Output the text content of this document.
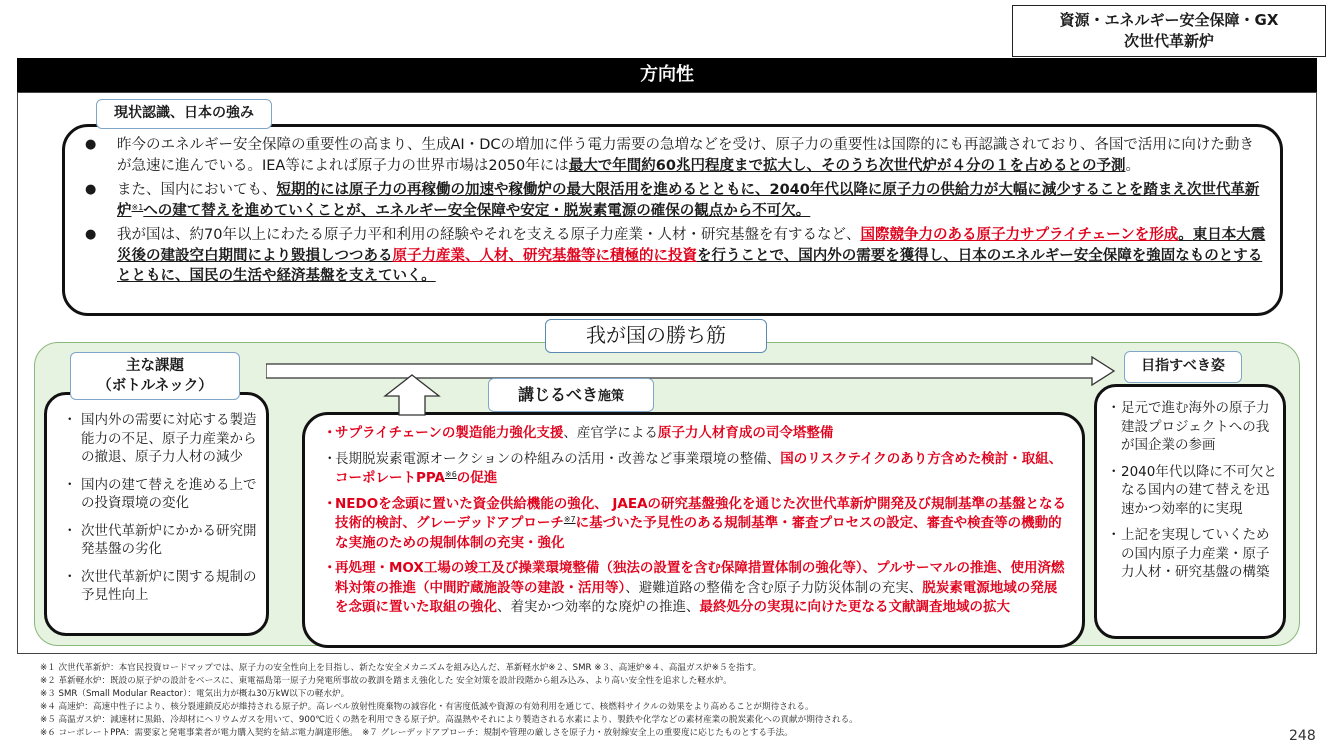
資源・エネルギー安全保障・GX
次世代革新炉
方向性
現状認識、日本の強み
● 昨今のエネルギー安全保障の重要性の高まり、生成AI・DCの増加に伴う電力需要の急増などを受け、原子力の重要性は国際的にも再認識されており、各国で活用に向けた動きが急速に進んでいる。IEA等によれば原子力の世界市場は2050年には最大で年間約60兆円程度まで拡大し、そのうち次世代炉が４分の１を占めるとの予測。
● また、国内においても、短期的には原子力の再稼働の加速や稼働炉の最大限活用を進めるとともに、2040年代以降に原子力の供給力が大幅に減少することを踏まえ次世代革新炉$^{※1}$への建て替えを進めていくことが、エネルギー安全保障や安定・脱炭素電源の確保の観点から不可欠。
● 我が国は、約70年以上にわたる原子力平和利用の経験やそれを支える原子力産業・人材・研究基盤を有するなど、国際競争力のある原子力サプライチェーンを形成。東日本大震災後の建設空白期間により毀損しつつある原子力産業、人材、研究基盤等に積極的に投資を行うことで、国内外の需要を獲得し、日本のエネルギー安全保障を強固なものとするとともに、国民の生活や経済基盤を支えていく。
我が国の勝ち筋
主な課題
（ボトルネック）
目指すべき姿
講じるべき施策
・ 国内外の需要に対応する製造能力の不足、原子力産業からの撤退、原子力人材の減少
・ 国内の建て替えを進める上での投資環境の変化
・ 次世代革新炉にかかる研究開発基盤の劣化
・ 次世代革新炉に関する規制の予見性向上
・
サプライチェーンの製造能力強化支援、産官学による原子力人材育成の司令塔整備
・
長期脱炭素電源オークションの枠組みの活用・改善など事業環境の整備、国のリスクテイクのあり方含めた検討・取組、コーポレートPPA$^{※6}$の促進
・
NEDOを念頭に置いた資金供給機能の強化、 JAEAの研究基盤強化を通じた次世代革新炉開発及び規制基準の基盤となる技術的検討、グレーデッドアプローチ$^{※7}$に基づいた予見性のある規制基準・審査プロセスの設定、審査や検査等の機動的な実施のための規制体制の充実・強化
・
再処理・MOX工場の竣工及び操業環境整備（独法の設置を含む保障措置体制の強化等）、プルサーマルの推進、使用済燃料対策の推進（中間貯蔵施設等の建設・活用等）、避難道路の整備を含む原子力防災体制の充実、脱炭素電源地域の発展を念頭に置いた取組の強化、着実かつ効率的な廃炉の推進、最終処分の実現に向けた更なる文献調査地域の拡大
・ 足元で進む海外の原子力建設プロジェクトへの我が国企業の参画
・ 2040年代以降に不可欠となる国内の建て替えを迅速かつ効率的に実現
・ 上記を実現していくための国内原子力産業・原子力人材・研究基盤の構築
※１ 次世代革新炉：本官民投資ロードマップでは、原子力の安全性向上を目指し、新たな安全メカニズムを組み込んだ、革新軽水炉※２、SMR ※３、高速炉※４、高温ガス炉※５を指す。
※２ 革新軽水炉：既設の原子炉の設計をベースに、東電福島第一原子力発電所事故の教訓を踏まえ強化した 安全対策を設計段階から組み込み、より高い安全性を追求した軽水炉。
※３ SMR（Small Modular Reactor）：電気出力が概ね30万kW以下の軽水炉。
※４ 高速炉：高速中性子により、核分裂連鎖反応が維持される原子炉。高レベル放射性廃棄物の減容化・有害度低減や資源の有効利用を通じて、核燃料サイクルの効果をより高めることが期待される。
※５ 高温ガス炉：減速材に黒鉛、冷却材にヘリウムガスを用いて、900℃近くの熱を利用できる原子炉。高温熱やそれにより製造される水素により、製鉄や化学などの素材産業の脱炭素化への貢献が期待される。
※６ コーポレートPPA：需要家と発電事業者が電力購入契約を結ぶ電力調達形態。　※７ グレーデッドアプローチ：規制や管理の厳しさを原子力・放射線安全上の重要度に応じたものとする手法。	248
